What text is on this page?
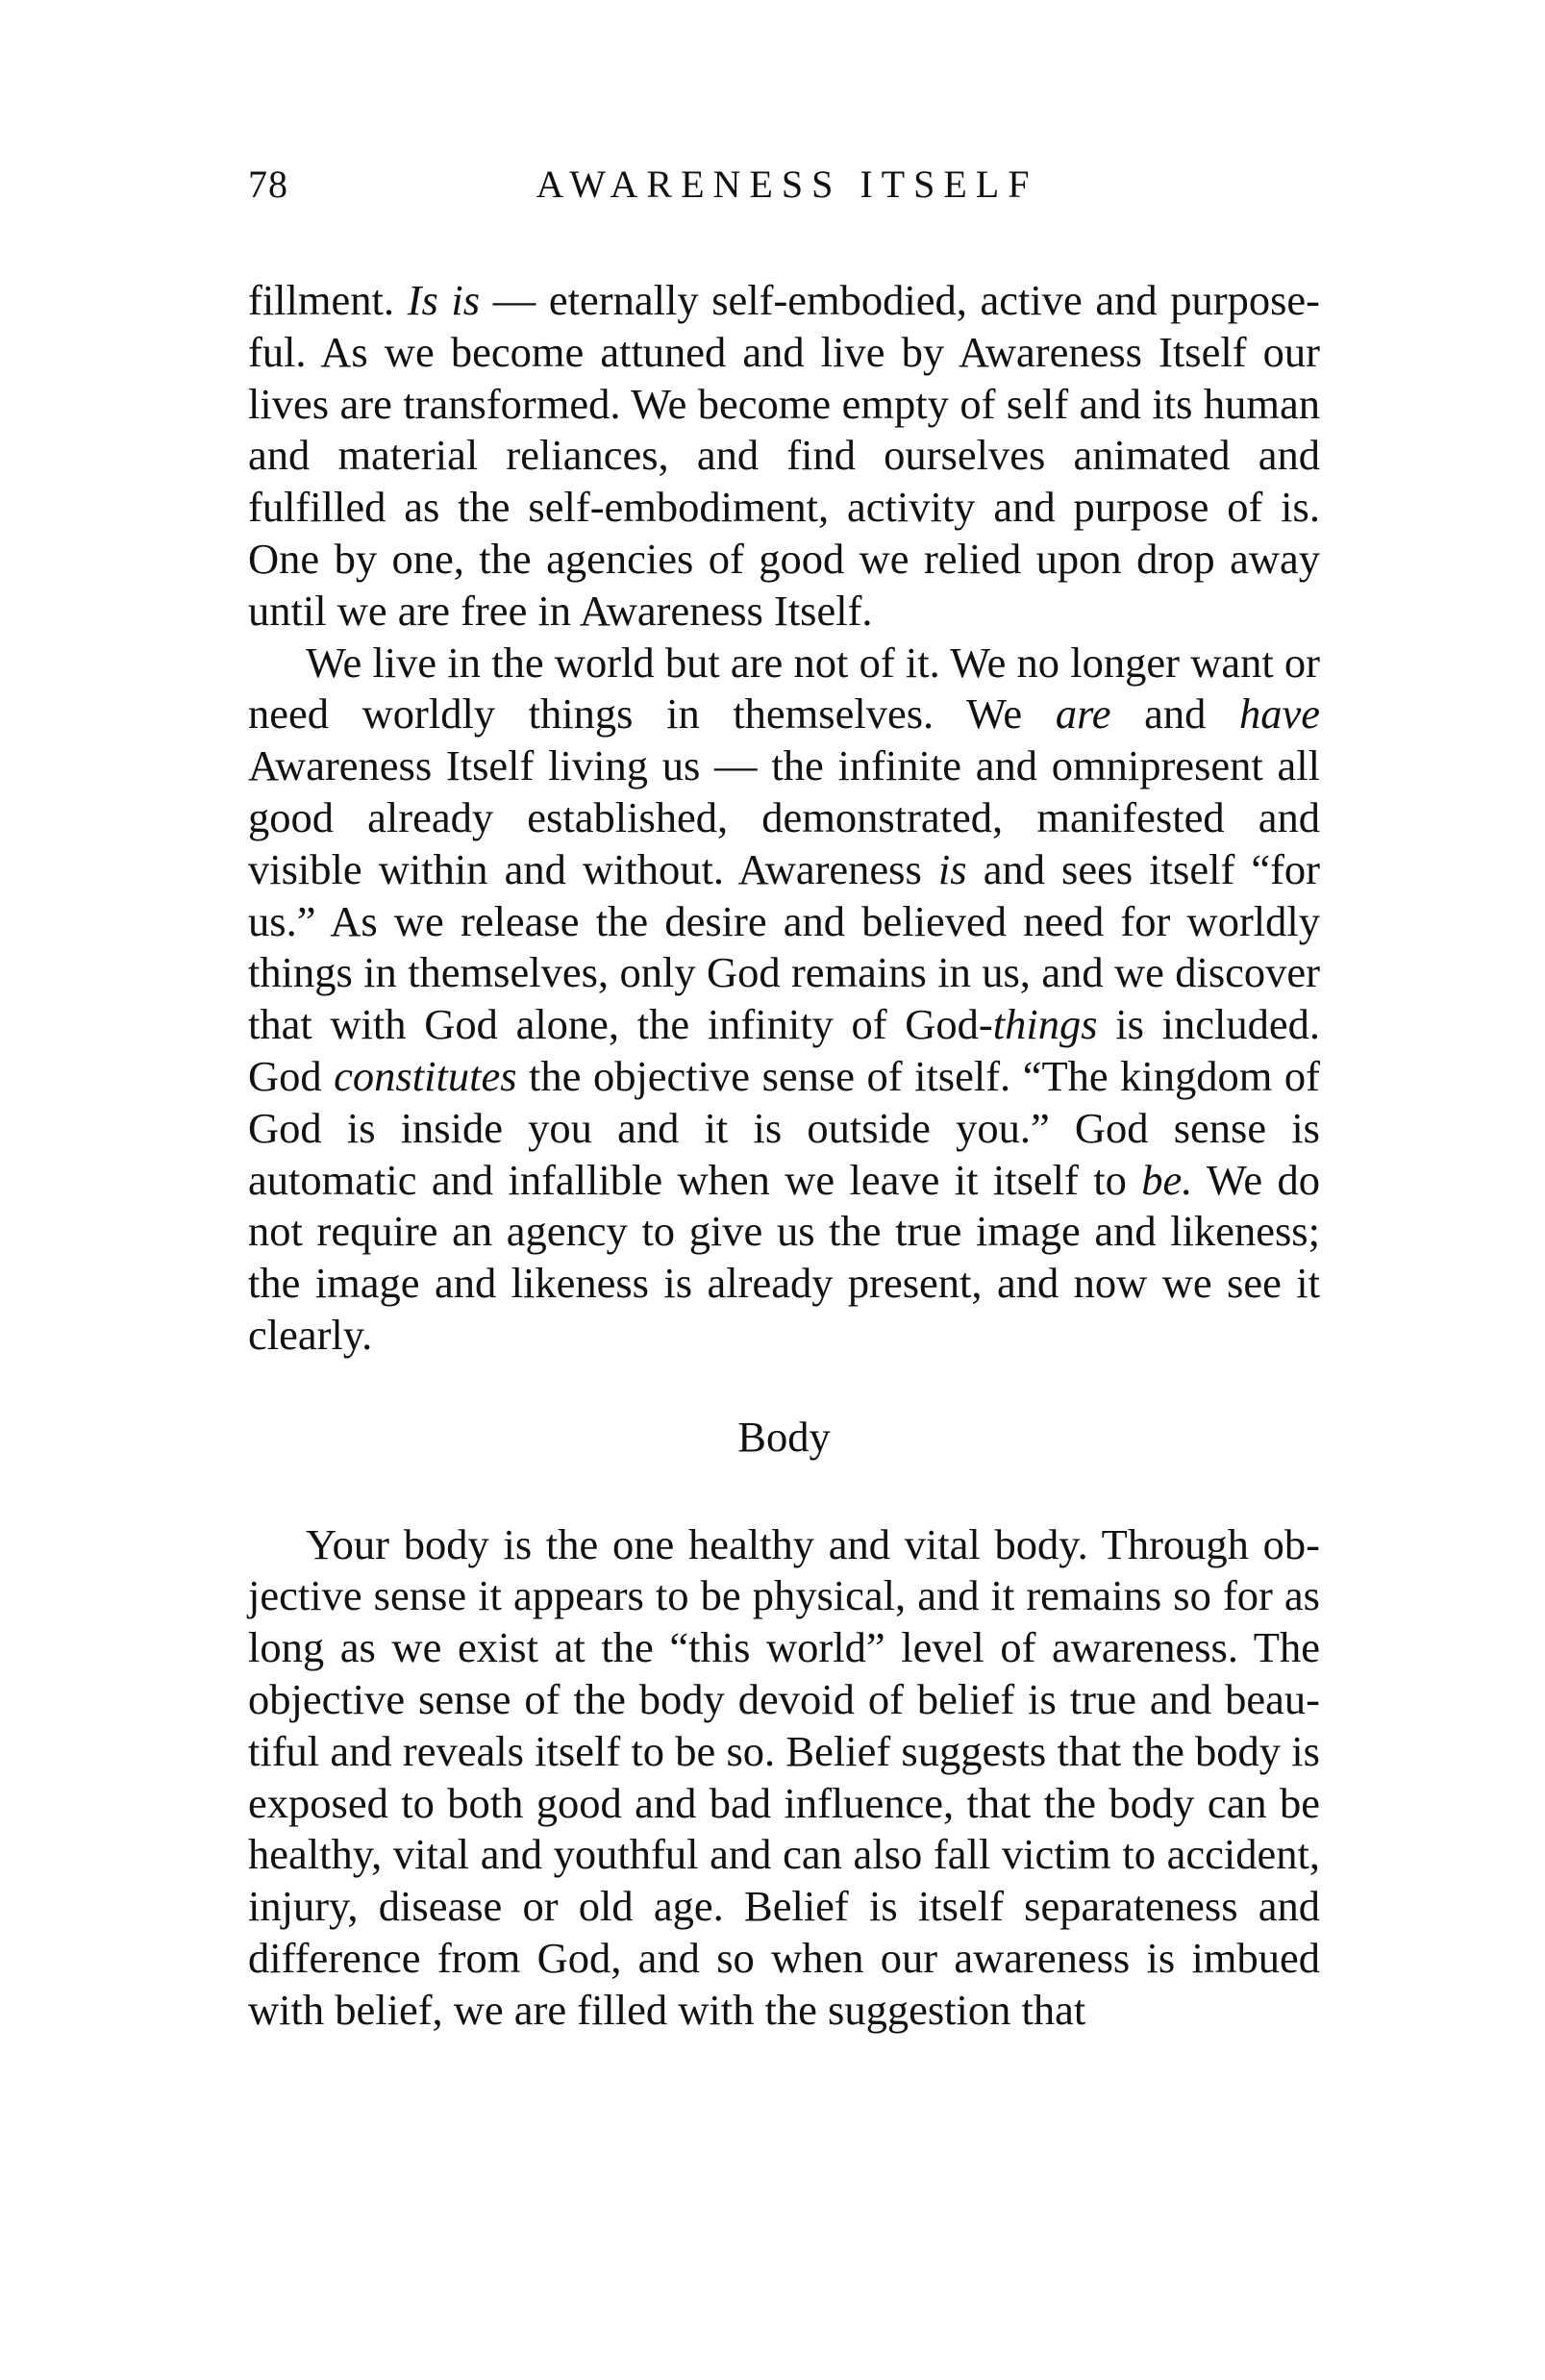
78	AWARENESS ITSELF

fillment. Is is — eternally self-embodied, active and purposeful. As we become attuned and live by Awareness Itself our lives are transformed. We become empty of self and its human and material reliances, and find ourselves animated and fulfilled as the self-embodiment, activity and purpose of is. One by one, the agencies of good we relied upon drop away until we are free in Awareness Itself.

We live in the world but are not of it. We no longer want or need worldly things in themselves. We are and have Awareness Itself living us — the infinite and omnipresent all good already established, demonstrated, manifested and visible within and without. Awareness is and sees itself “for us.” As we release the desire and believed need for worldly things in themselves, only God remains in us, and we discover that with God alone, the infinity of God-things is included. God constitutes the objective sense of itself. “The kingdom of God is inside you and it is outside you.” God sense is automatic and infallible when we leave it itself to be. We do not require an agency to give us the true image and likeness; the image and likeness is already present, and now we see it clearly.

Body

Your body is the one healthy and vital body. Through objective sense it appears to be physical, and it remains so for as long as we exist at the “this world” level of awareness. The objective sense of the body devoid of belief is true and beautiful and reveals itself to be so. Belief suggests that the body is exposed to both good and bad influence, that the body can be healthy, vital and youthful and can also fall victim to accident, injury, disease or old age. Belief is itself separateness and difference from God, and so when our awareness is imbued with belief, we are filled with the suggestion that
